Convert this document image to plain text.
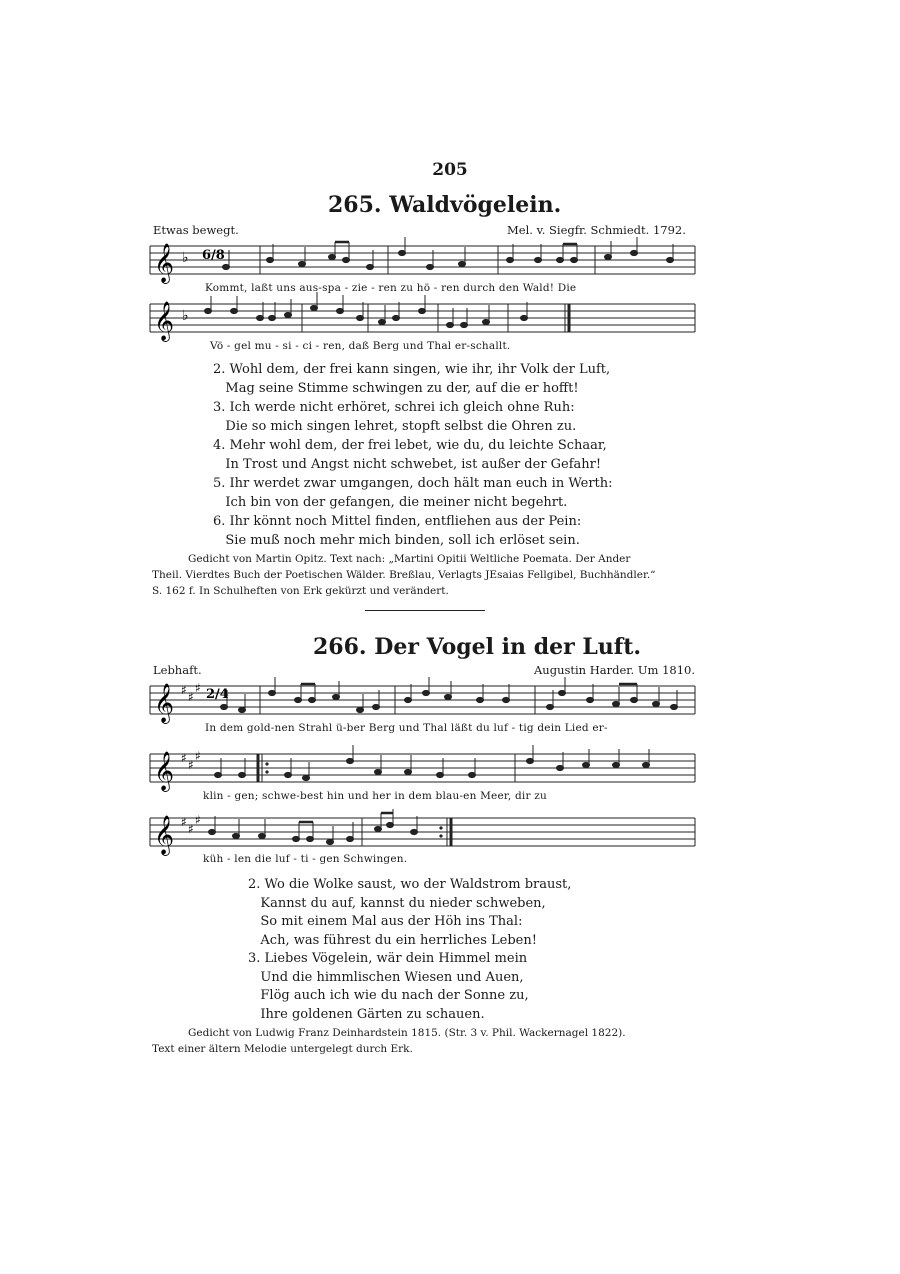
205
265. Waldvögelein.
Etwas bewegt.	Mel. v. Siegfr. Schmiedt. 1792.
𝄞 ♭ 6/8
Kommt, laßt uns aus-spa - zie - ren zu hö - ren durch den Wald! Die
𝄞 ♭
Vö - gel mu - si - ci - ren, daß Berg und Thal er-schallt.
2. Wohl dem, der frei kann singen, wie ihr, ihr Volk der Luft,
Mag seine Stimme schwingen zu der, auf die er hofft!
3. Ich werde nicht erhöret, schrei ich gleich ohne Ruh:
Die so mich singen lehret, stopft selbst die Ohren zu.
4. Mehr wohl dem, der frei lebet, wie du, du leichte Schaar,
In Trost und Angst nicht schwebet, ist außer der Gefahr!
5. Ihr werdet zwar umgangen, doch hält man euch in Werth:
Ich bin von der gefangen, die meiner nicht begehrt.
6. Ihr könnt noch Mittel finden, entfliehen aus der Pein:
Sie muß noch mehr mich binden, soll ich erlöset sein.
Gedicht von Martin Opitz. Text nach: „Martini Opitii Weltliche Poemata. Der Ander
Theil. Vierdtes Buch der Poetischen Wälder. Breßlau, Verlagts JEsaias Fellgibel, Buchhändler.“
S. 162 f. In Schulheften von Erk gekürzt und verändert.
266. Der Vogel in der Luft.
Lebhaft.	Augustin Harder. Um 1810.
𝄞 ♯ ♯
♯ 2/4
In dem gold-nen Strahl ü-ber Berg und Thal läßt du luf - tig dein Lied er-
𝄞 ♯ ♯
♯
klin - gen; schwe-best hin und her in dem blau-en Meer, dir zu
𝄞 ♯ ♯
♯
küh - len die luf - ti - gen Schwingen.
2. Wo die Wolke saust, wo der Waldstrom braust,
Kannst du auf, kannst du nieder schweben,
So mit einem Mal aus der Höh ins Thal:
Ach, was führest du ein herrliches Leben!
3. Liebes Vögelein, wär dein Himmel mein
Und die himmlischen Wiesen und Auen,
Flög auch ich wie du nach der Sonne zu,
Ihre goldenen Gärten zu schauen.
Gedicht von Ludwig Franz Deinhardstein 1815. (Str. 3 v. Phil. Wackernagel 1822).
Text einer ältern Melodie untergelegt durch Erk.
